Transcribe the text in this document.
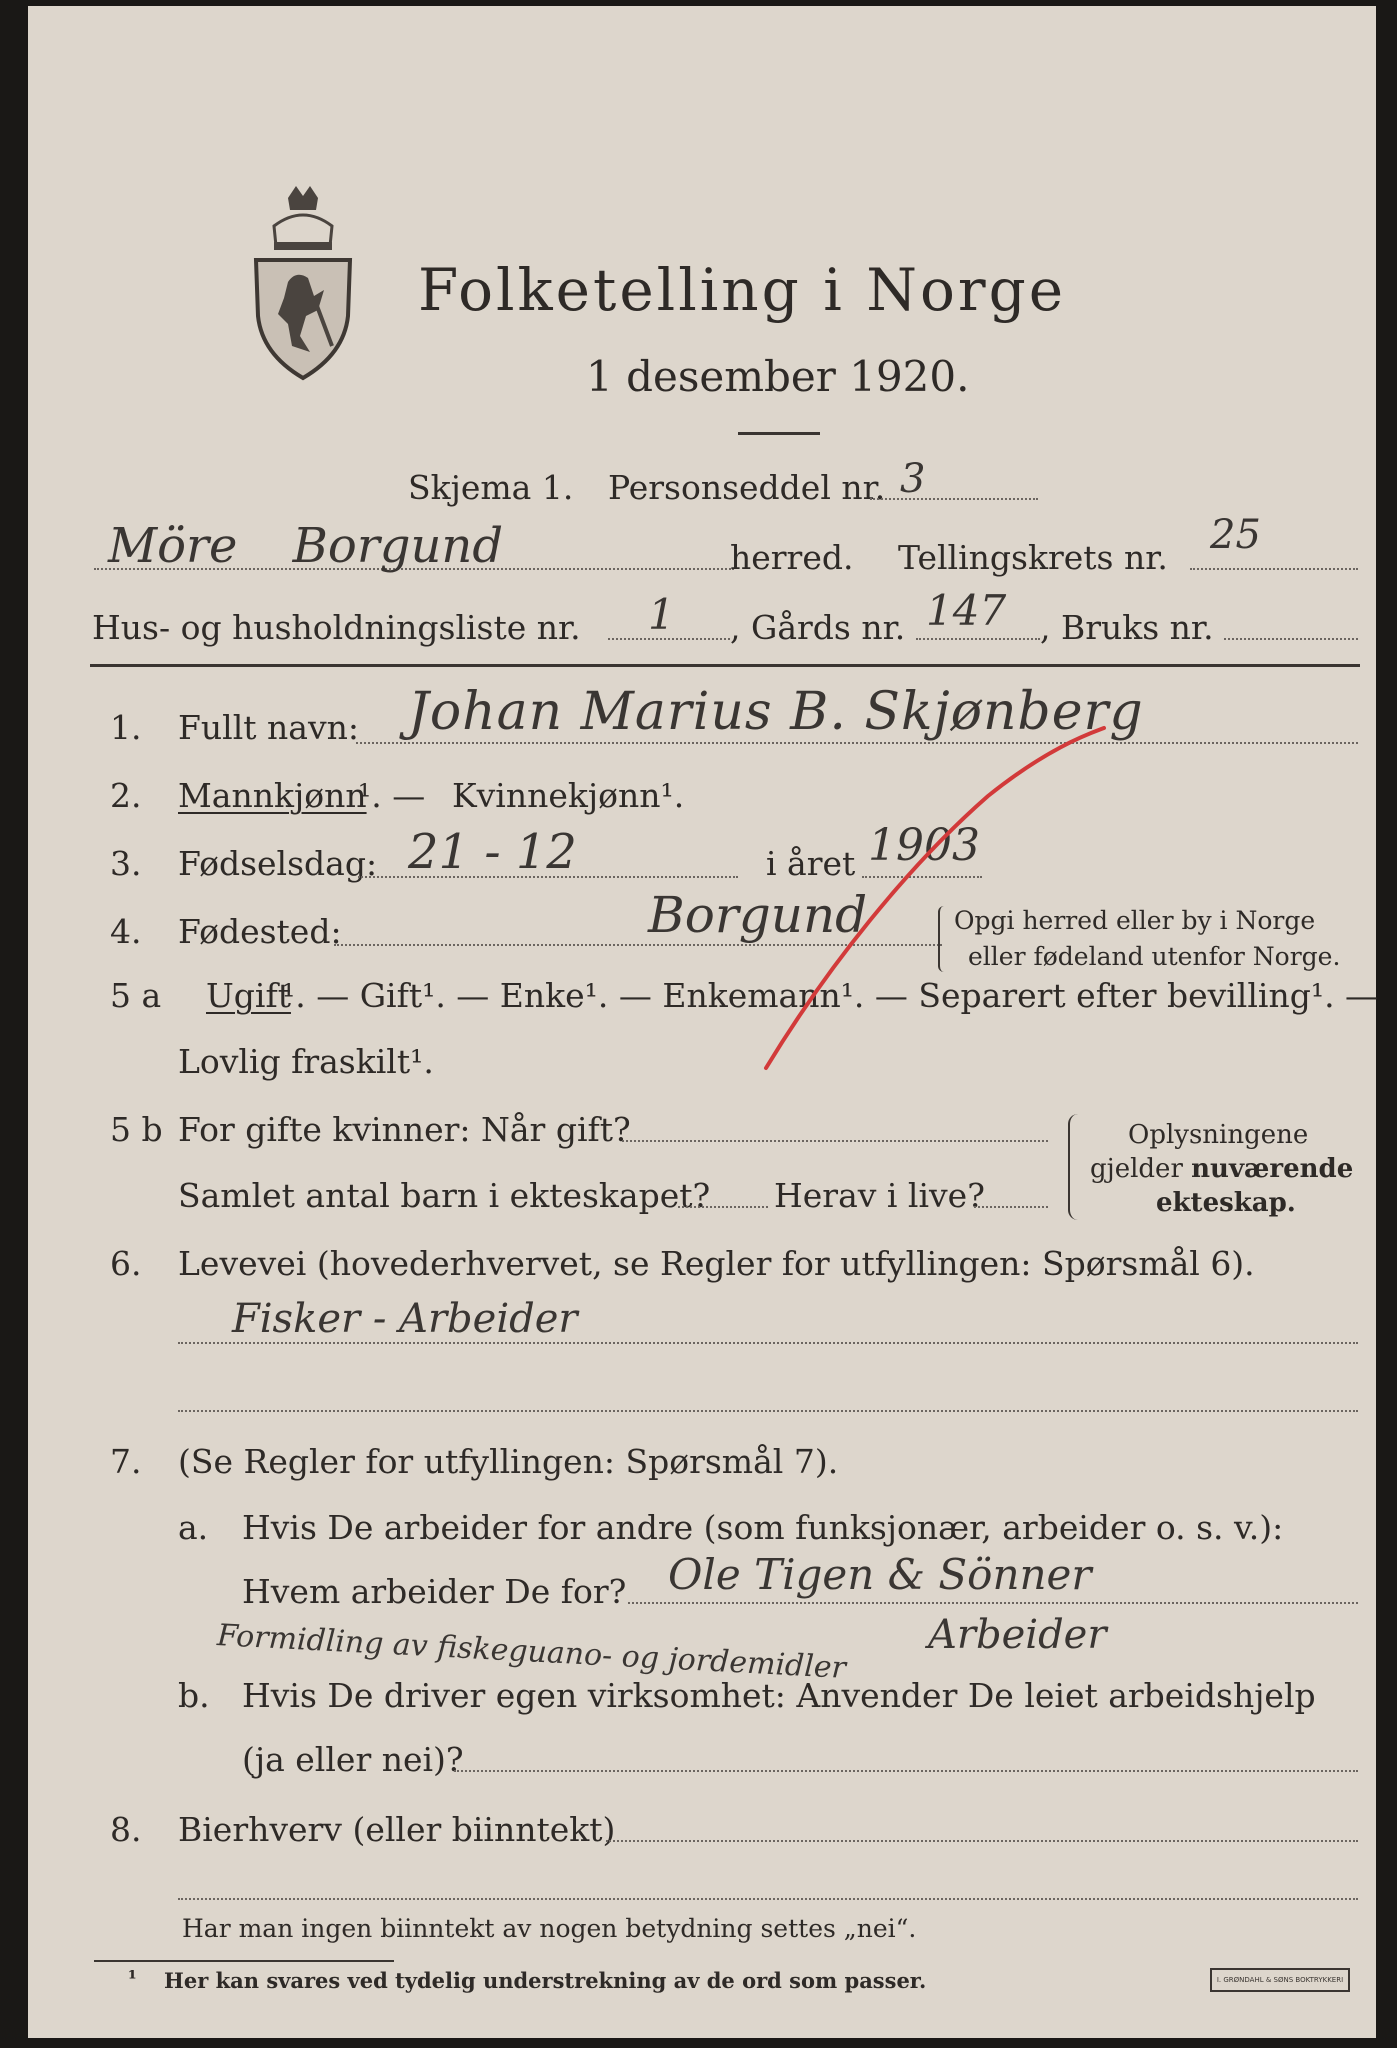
Folketelling i Norge
1 desember 1920.
Skjema 1. Personseddel nr. 3
Möre Borgund	herred. Tellingskrets nr. 25
Hus- og husholdningsliste nr. 1 , Gårds nr. 147 , Bruks nr.
1. Fullt navn: Johan Marius B. Skjønberg
2. Mannkjønn
¹. — Kvinnekjønn¹.
3. Fødselsdag: 21 - 12	i året 1903
4. Fødested:	Borgund	Opgi herred eller by i Norge
eller fødeland utenfor Norge.
5 a Ugift
¹. — Gift¹. — Enke¹. — Enkemann¹. — Separert efter bevilling¹. —
Lovlig fraskilt¹.
5 b For gifte kvinner: Når gift?
Samlet antal barn i ekteskapet? Herav i live?
Oplysningene
gjelder nuværende
ekteskap.
6. Levevei (hovederhvervet, se Regler for utfyllingen: Spørsmål 6).
Fisker - Arbeider
7. (Se Regler for utfyllingen: Spørsmål 7).
a. Hvis De arbeider for andre (som funksjonær, arbeider o. s. v.):
Hvem arbeider De for? Ole Tigen & Sönner
Formidling av fiskeguano- og jordemidler Arbeider
b. Hvis De driver egen virksomhet: Anvender De leiet arbeidshjelp
(ja eller nei)?
8. Bierhverv (eller biinntekt)
Har man ingen biinntekt av nogen betydning settes „nei“.
¹ Her kan svares ved tydelig understrekning av de ord som passer.	I. GRØNDAHL & SØNS BOKTRYKKERI
